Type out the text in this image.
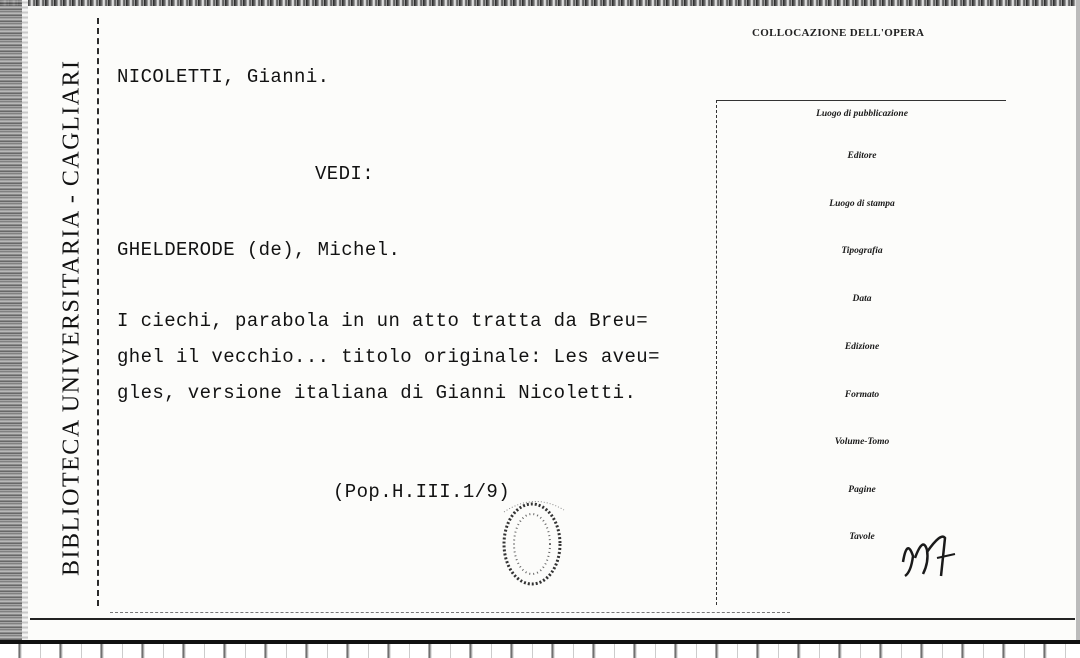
BIBLIOTECA UNIVERSITARIA - CAGLIARI
COLLOCAZIONE DELL'OPERA
Luogo di pubblicazione
Editore
Luogo di stampa
Tipografia
Data
Edizione
Formato
Volume-Tomo
Pagine
Tavole
NICOLETTI, Gianni.
VEDI:
GHELDERODE (de), Michel.
I ciechi, parabola in un atto tratta da Breu=
ghel il vecchio... titolo originale: Les aveu=
gles, versione italiana di Gianni Nicoletti.
(Pop.H.III.1/9)
